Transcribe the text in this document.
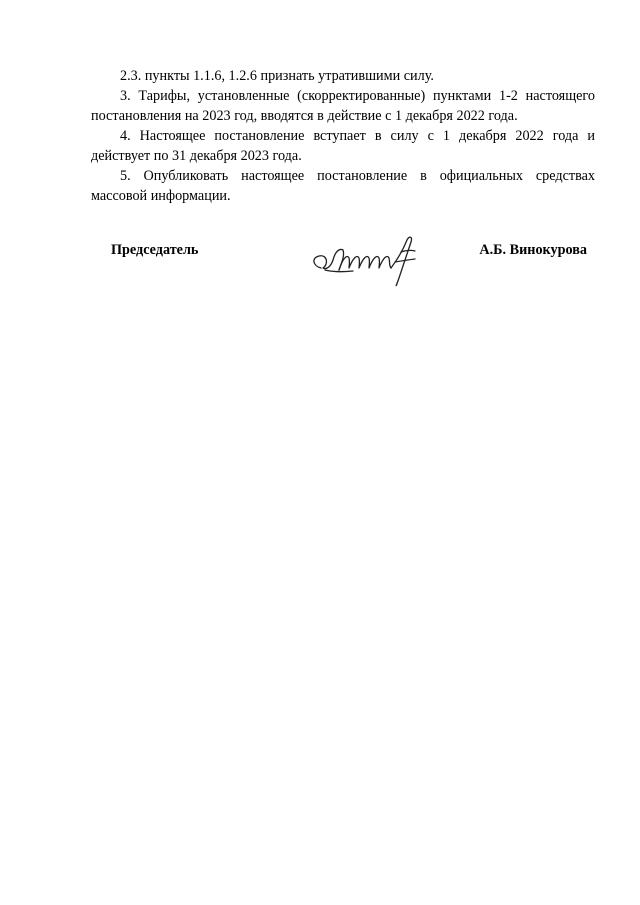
2.3. пункты 1.1.6, 1.2.6 признать утратившими силу.

3. Тарифы, установленные (скорректированные) пунктами 1-2 настоящего постановления на 2023 год, вводятся в действие с 1 декабря 2022 года.

4. Настоящее постановление вступает в силу с 1 декабря 2022 года и действует по 31 декабря 2023 года.

5. Опубликовать настоящее постановление в официальных средствах массовой информации.

Председатель	А.Б. Винокурова
